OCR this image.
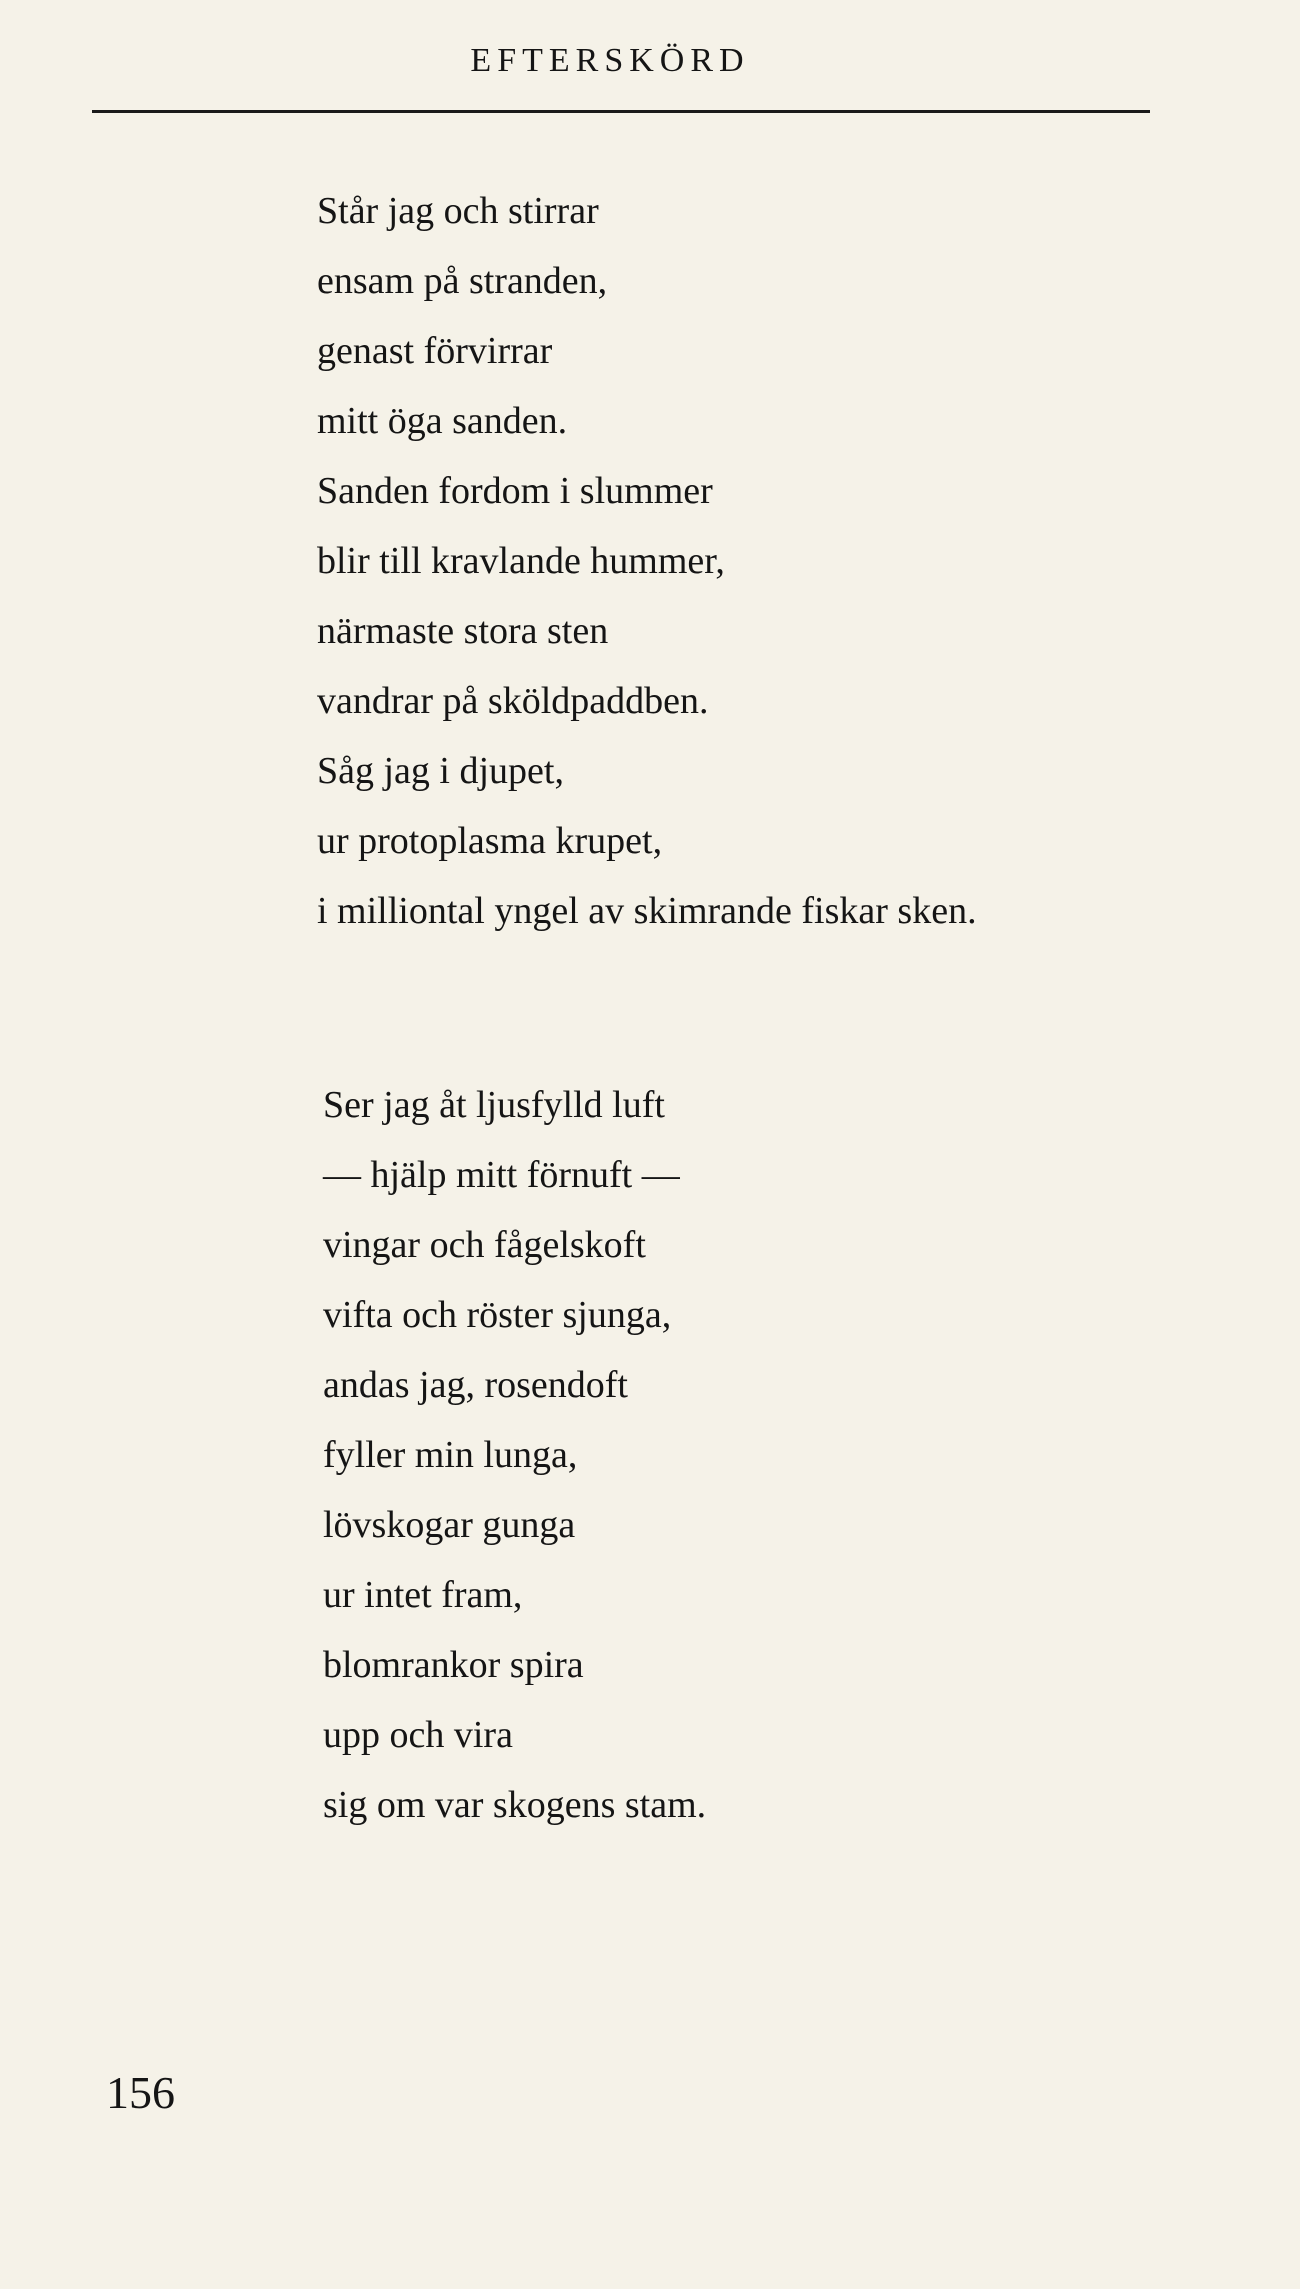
EFTERSKÖRD
Står jag och stirrar
ensam på stranden,
genast förvirrar
mitt öga sanden.
Sanden fordom i slummer
blir till kravlande hummer,
närmaste stora sten
vandrar på sköldpaddben.
Såg jag i djupet,
ur protoplasma krupet,
i milliontal yngel av skimrande fiskar sken.
Ser jag åt ljusfylld luft
— hjälp mitt förnuft —
vingar och fågelskoft
vifta och röster sjunga,
andas jag, rosendoft
fyller min lunga,
lövskogar gunga
ur intet fram,
blomrankor spira
upp och vira
sig om var skogens stam.
156
